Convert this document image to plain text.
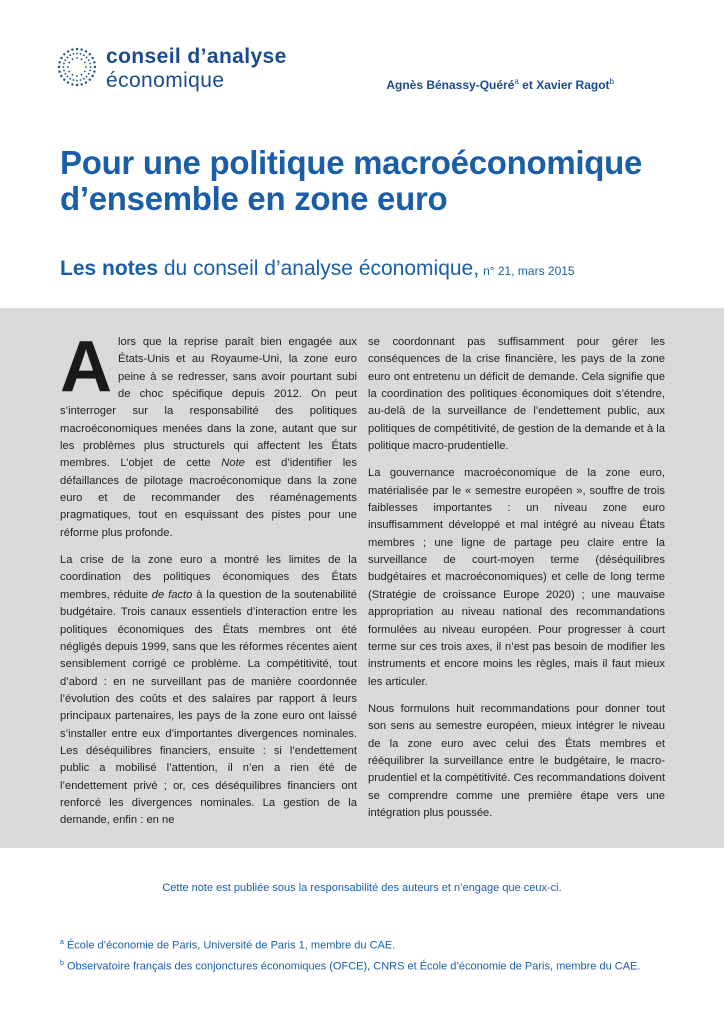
conseil d’analyse
économique	Agnès Bénassy-Quéré$^a$ et Xavier Ragot$^b$
Pour une politique macroéconomique d’ensemble en zone euro
Les notes du conseil d’analyse économique, n° 21, mars 2015

Alors que la reprise paraît bien engagée aux États-Unis et au Royaume-Uni, la zone euro peine à se redresser, sans avoir pourtant subi de choc spécifique depuis 2012. On peut s’interroger sur la responsabilité des politiques macroéconomiques menées dans la zone, autant que sur les problèmes plus structurels qui affectent les États membres. L’objet de cette Note est d’identifier les défaillances de pilotage macroéconomique dans la zone euro et de recommander des réaménagements pragmatiques, tout en esquissant des pistes pour une réforme plus profonde.

La crise de la zone euro a montré les limites de la coordination des politiques économiques des États membres, réduite de facto à la question de la soutenabilité budgétaire. Trois canaux essentiels d’interaction entre les politiques économiques des États membres ont été négligés depuis 1999, sans que les réformes récentes aient sensiblement corrigé ce problème. La compétitivité, tout d’abord : en ne surveillant pas de manière coordonnée l’évolution des coûts et des salaires par rapport à leurs principaux partenaires, les pays de la zone euro ont laissé s’installer entre eux d’importantes divergences nominales. Les déséquilibres financiers, ensuite : si l’endettement public a mobilisé l’attention, il n’en a rien été de l’endettement privé ; or, ces déséquilibres financiers ont renforcé les divergences nominales. La gestion de la demande, enfin : en ne

se coordonnant pas suffisamment pour gérer les conséquences de la crise financière, les pays de la zone euro ont entretenu un déficit de demande. Cela signifie que la coordination des politiques économiques doit s’étendre, au-delà de la surveillance de l’endettement public, aux politiques de compétitivité, de gestion de la demande et à la politique macro-prudentielle.

La gouvernance macroéconomique de la zone euro, matérialisée par le « semestre européen », souffre de trois faiblesses importantes : un niveau zone euro insuffisamment développé et mal intégré au niveau États membres ; une ligne de partage peu claire entre la surveillance de court-moyen terme (déséquilibres budgétaires et macroéconomiques) et celle de long terme (Stratégie de croissance Europe 2020) ; une mauvaise appropriation au niveau national des recommandations formulées au niveau européen. Pour progresser à court terme sur ces trois axes, il n’est pas besoin de modifier les instruments et encore moins les règles, mais il faut mieux les articuler.

Nous formulons huit recommandations pour donner tout son sens au semestre européen, mieux intégrer le niveau de la zone euro avec celui des États membres et rééquilibrer la surveillance entre le budgétaire, le macro-prudentiel et la compétitivité. Ces recommandations doivent se comprendre comme une première étape vers une intégration plus poussée.

Cette note est publiée sous la responsabilité des auteurs et n’engage que ceux-ci.
$^a$ École d’économie de Paris, Université de Paris 1, membre du CAE.
$^b$ Observatoire français des conjonctures économiques (OFCE), CNRS et École d’économie de Paris, membre du CAE.
